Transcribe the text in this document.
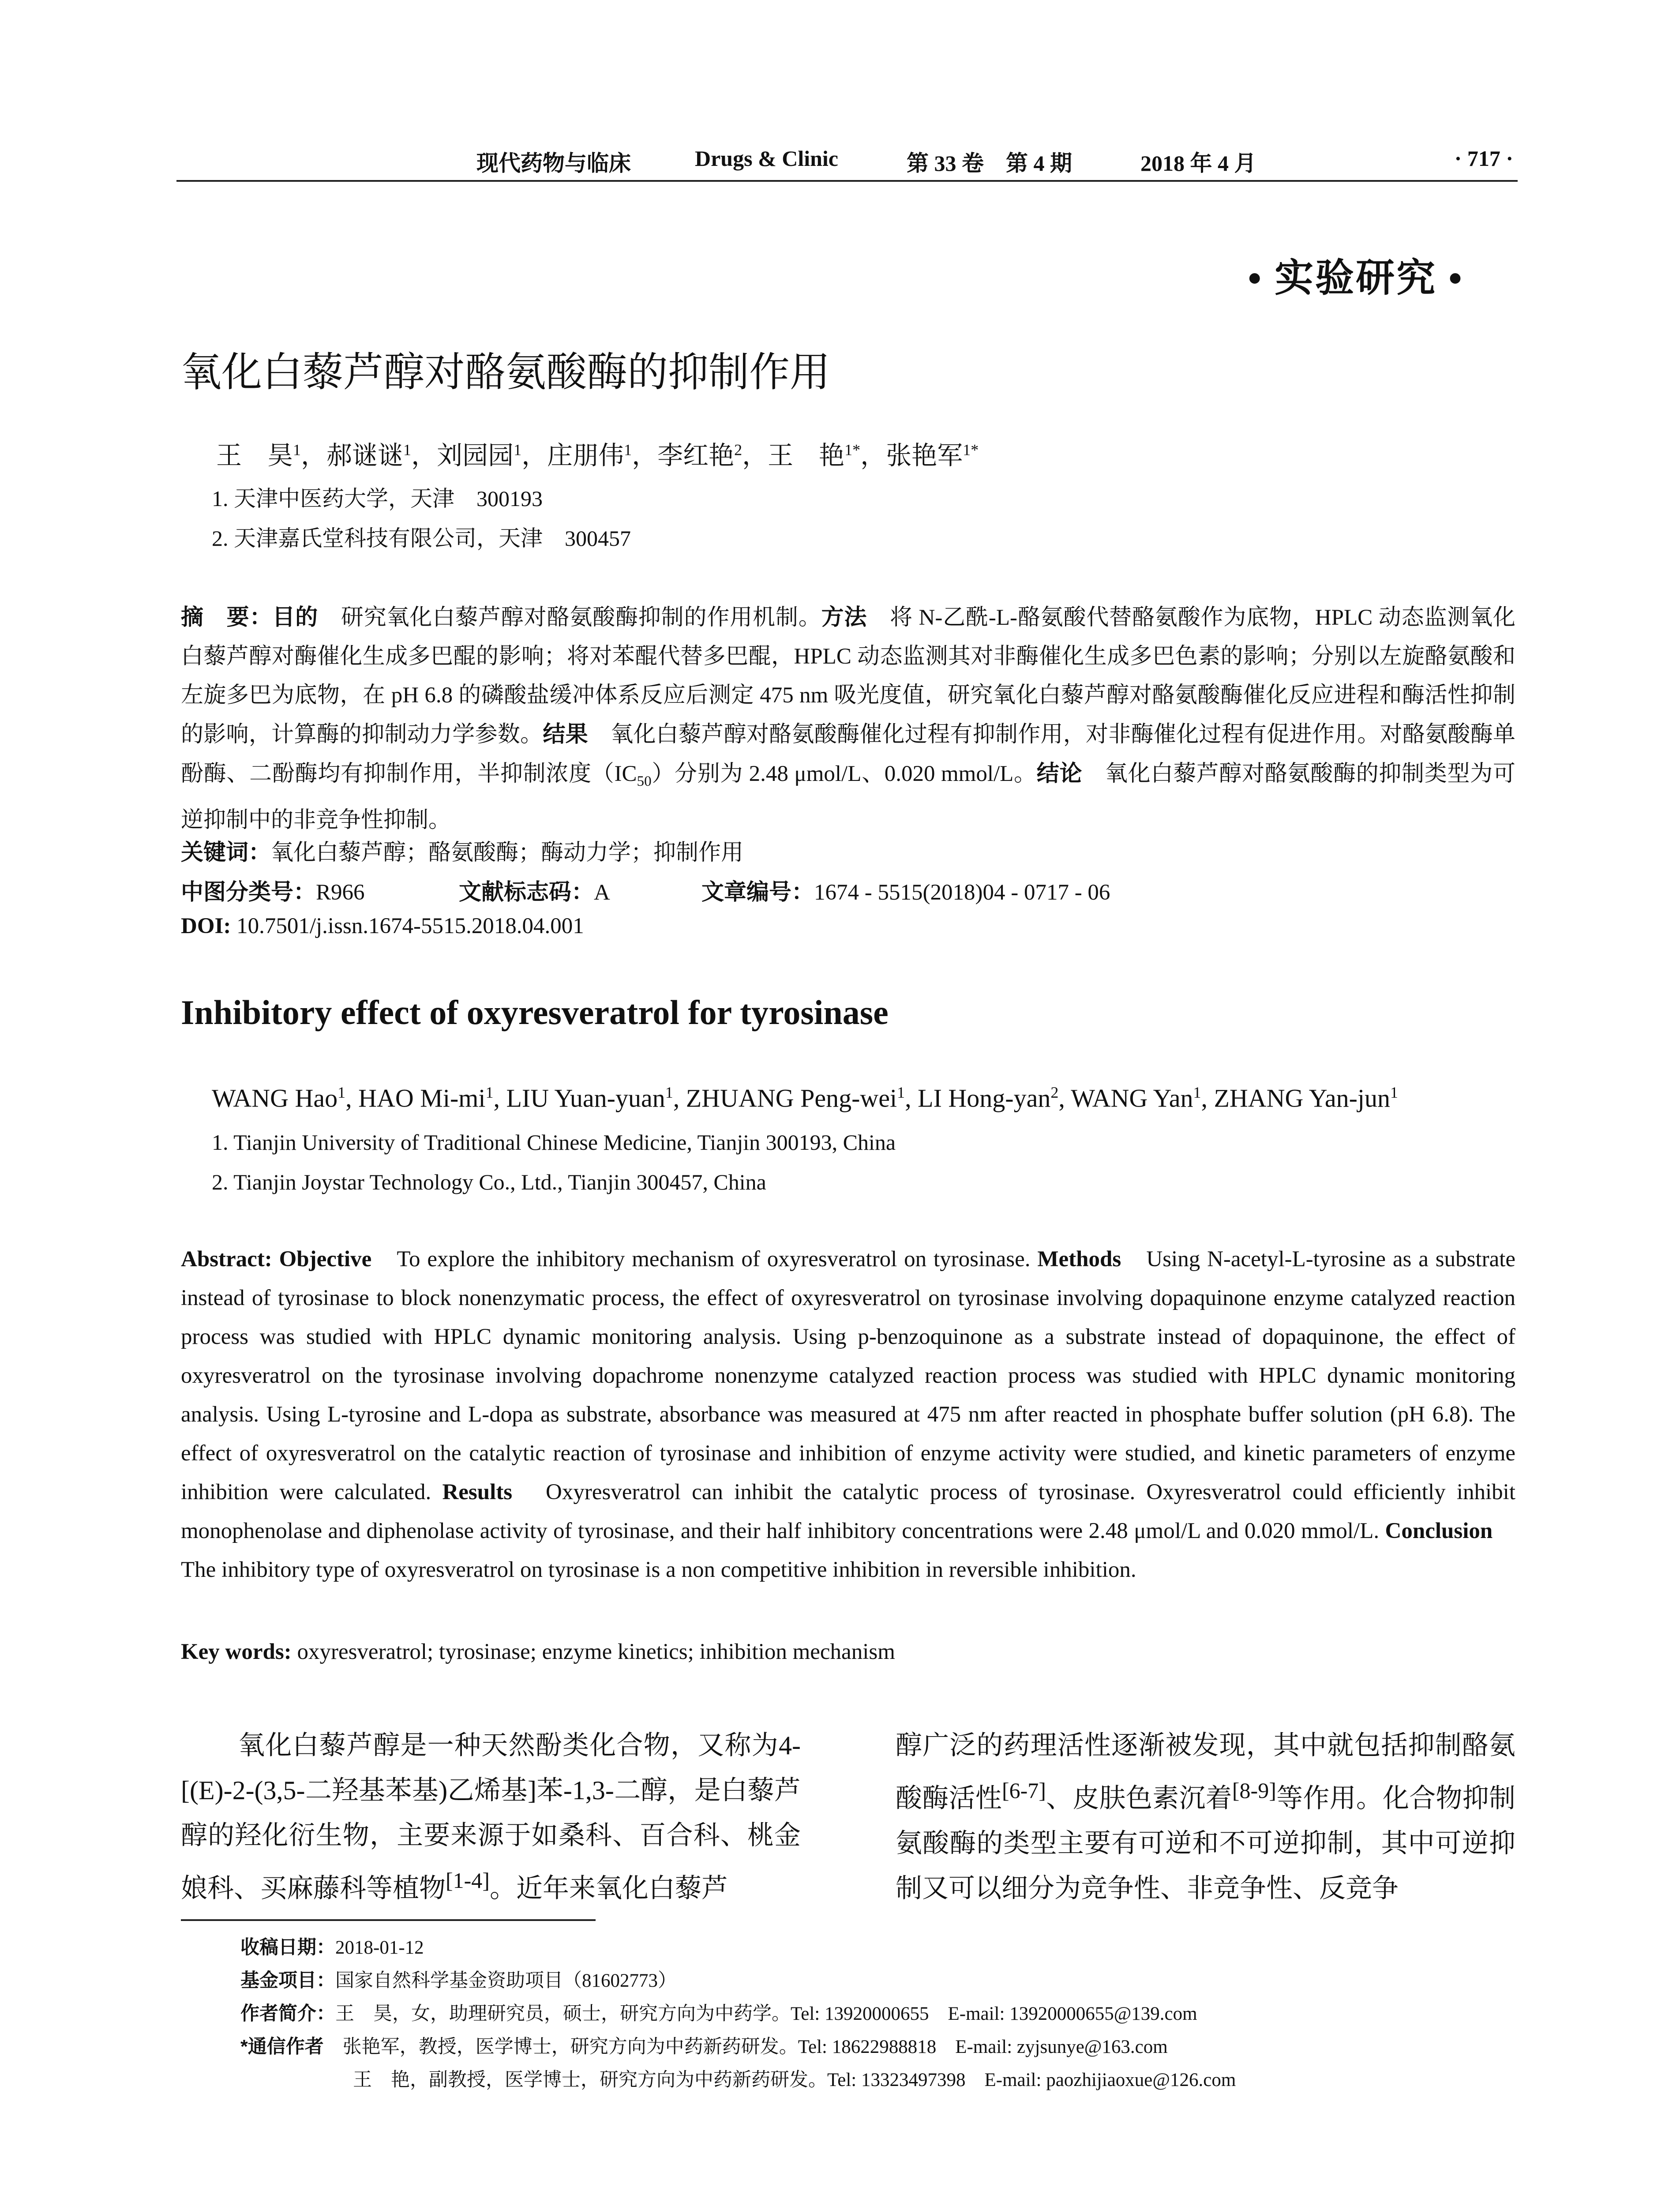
现代药物与临床	Drugs & Clinic	第 33 卷　第 4 期	2018 年 4 月	· 717 ·
• 实验研究 •
氧化白藜芦醇对酪氨酸酶的抑制作用
王　昊$^1$，郝谜谜$^1$，刘园园$^1$，庄朋伟$^1$，李红艳$^2$，王　艳$^{1*}$，张艳军$^{1*}$
1. 天津中医药大学，天津　300193
2. 天津嘉氏堂科技有限公司，天津　300457
摘　要：目的　研究氧化白藜芦醇对酪氨酸酶抑制的作用机制。方法　将 N-乙酰-L-酪氨酸代替酪氨酸作为底物，HPLC 动态监测氧化白藜芦醇对酶催化生成多巴醌的影响；将对苯醌代替多巴醌，HPLC 动态监测其对非酶催化生成多巴色素的影响；分别以左旋酪氨酸和左旋多巴为底物，在 pH 6.8 的磷酸盐缓冲体系反应后测定 475 nm 吸光度值，研究氧化白藜芦醇对酪氨酸酶催化反应进程和酶活性抑制的影响，计算酶的抑制动力学参数。结果　氧化白藜芦醇对酪氨酸酶催化过程有抑制作用，对非酶催化过程有促进作用。对酪氨酸酶单酚酶、二酚酶均有抑制作用，半抑制浓度$(IC_{50})$分别为 2.48 μmol/L、0.020 mmol/L。结论　氧化白藜芦醇对酪氨酸酶的抑制类型为可逆抑制中的非竞争性抑制。
关键词：氧化白藜芦醇；酪氨酸酶；酶动力学；抑制作用
中图分类号：R966	文献标志码：A	文章编号：1674 - 5515(2018)04 - 0717 - 06
DOI: 10.7501/j.issn.1674-5515.2018.04.001
Inhibitory effect of oxyresveratrol for tyrosinase
WANG Hao$^1$, HAO $Mi-mi^1$, LIU Yuan-yuan$^1$, ZHUANG Peng-wei$^1$, LI Hong-yan$^2$, WANG Yan$^1$, ZHANG Yan-jun$^1$
1. Tianjin University of Traditional Chinese Medicine, Tianjin 300193, China
2. Tianjin Joystar Technology Co., Ltd., Tianjin 300457, China
Abstract: Objective　To explore the inhibitory mechanism of oxyresveratrol on tyrosinase. Methods　Using N-acetyl-L-tyrosine as a substrate instead of tyrosinase to block nonenzymatic process, the effect of oxyresveratrol on tyrosinase involving dopaquinone enzyme catalyzed reaction process was studied with HPLC dynamic monitoring analysis. Using p-benzoquinone as a substrate instead of dopaquinone, the effect of oxyresveratrol on the tyrosinase involving dopachrome nonenzyme catalyzed reaction process was studied with HPLC dynamic monitoring analysis. Using L-tyrosine and L-dopa as substrate, absorbance was measured at 475 nm after reacted in phosphate buffer solution (pH 6.8). The effect of oxyresveratrol on the catalytic reaction of tyrosinase and inhibition of enzyme activity were studied, and kinetic parameters of enzyme inhibition were calculated. Results　Oxyresveratrol can inhibit the catalytic process of tyrosinase. Oxyresveratrol could efficiently inhibit monophenolase and diphenolase activity of tyrosinase, and their half inhibitory concentrations were 2.48 μmol/L and 0.020 mmol/L. Conclusion　The inhibitory type of oxyresveratrol on tyrosinase is a non competitive inhibition in reversible inhibition.
Key words: oxyresveratrol; tyrosinase; enzyme kinetics; inhibition mechanism
氧化白藜芦醇是一种天然酚类化合物，又称为4-[(E)-2-(3,5-二羟基苯基)乙烯基]苯-1,3-二醇，是白藜芦醇的羟化衍生物，主要来源于如桑科、百合科、桃金娘科、买麻藤科等植物[1-4]。近年来氧化白藜芦
醇广泛的药理活性逐渐被发现，其中就包括抑制酪氨酸酶活性[6-7]、皮肤色素沉着[8-9]等作用。化合物抑制氨酸酶的类型主要有可逆和不可逆抑制，其中可逆抑制又可以细分为竞争性、非竞争性、反竞争
收稿日期：2018-01-12
基金项目：国家自然科学基金资助项目（81602773）
作者简介：王　昊，女，助理研究员，硕士，研究方向为中药学。Tel: 13920000655　E-mail: 13920000655@139.com
*通信作者　张艳军，教授，医学博士，研究方向为中药新药研发。Tel: 18622988818　E-mail: zyjsunye@163.com
王　艳，副教授，医学博士，研究方向为中药新药研发。Tel: 13323497398　E-mail: paozhijiaoxue@126.com
